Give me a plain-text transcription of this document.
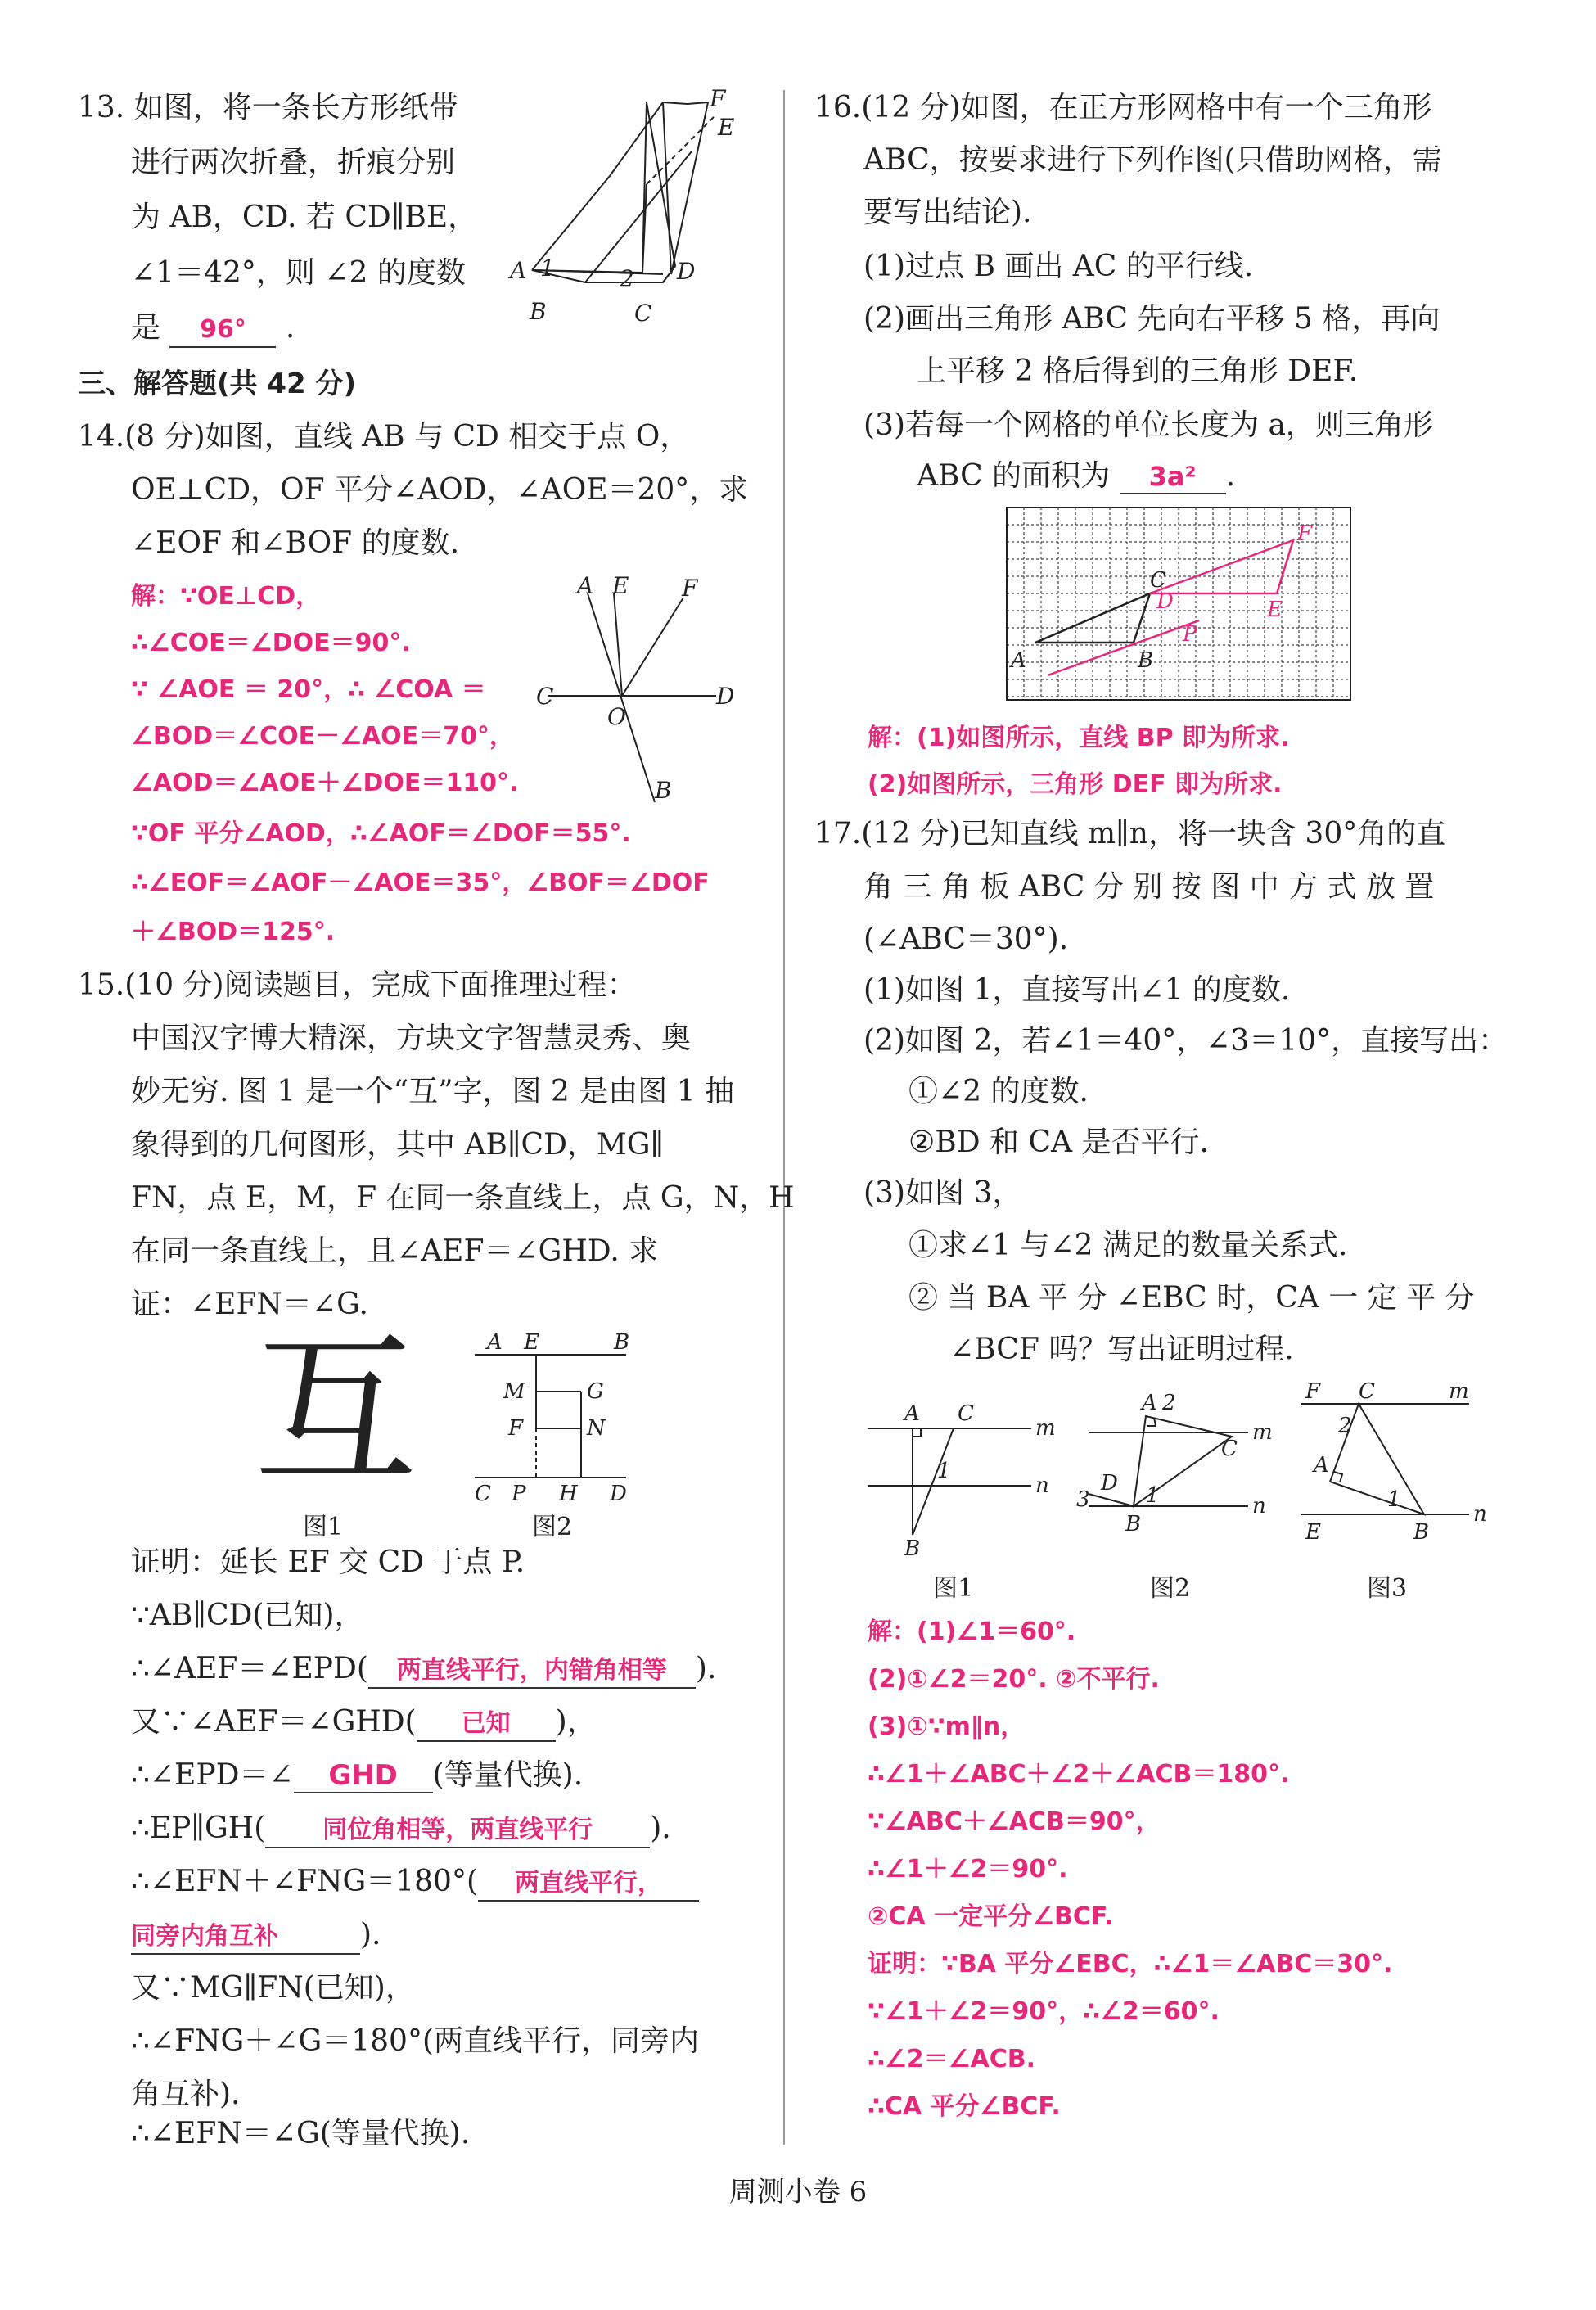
13. 如图，将一条长方形纸带
进行两次折叠，折痕分别
为 AB，CD. 若 CD∥BE，
∠1＝42°，则 ∠2 的度数
是 96° .
F
E
A 1	2 D
B	C
三、解答题(共 42 分)
14.(8 分)如图，直线 AB 与 CD 相交于点 O，
OE⊥CD，OF 平分∠AOD，∠AOE＝20°，求
∠EOF 和∠BOF 的度数.
解：∵OE⊥CD，
∴∠COE＝∠DOE＝90°.
∵ ∠AOE ＝ 20°，∴ ∠COA ＝
∠BOD＝∠COE－∠AOE＝70°，
∠AOD＝∠AOE＋∠DOE＝110°.
∵OF 平分∠AOD，∴∠AOF＝∠DOF＝55°.
∴∠EOF＝∠AOF－∠AOE＝35°，∠BOF＝∠DOF
＋∠BOD＝125°.
A E F
C	D
O
B
15.(10 分)阅读题目，完成下面推理过程：
中国汉字博大精深，方块文字智慧灵秀、奥
妙无穷. 图 1 是一个“互”字，图 2 是由图 1 抽
象得到的几何图形，其中 AB∥CD，MG∥
FN，点 E，M，F 在同一条直线上，点 G，N，H
在同一条直线上，且∠AEF＝∠GHD. 求
证：∠EFN＝∠G.
互
图1
A E	B
M	G
F	N
C P H D
图2
证明：延长 EF 交 CD 于点 P.
∵AB∥CD(已知)，
∴∠AEF＝∠EPD( 两直线平行，内错角相等 ).
又∵∠AEF＝∠GHD( 已知 )，
∴∠EPD＝∠ GHD (等量代换).
∴EP∥GH( 同位角相等，两直线平行 ).
∴∠EFN＋∠FNG＝180°( 两直线平行，
同旁内角互补	).
又∵MG∥FN(已知)，
∴∠FNG＋∠G＝180°(两直线平行，同旁内
角互补).
∴∠EFN＝∠G(等量代换).
16.(12 分)如图，在正方形网格中有一个三角形
ABC，按要求进行下列作图(只借助网格，需
要写出结论).
(1)过点 B 画出 AC 的平行线.
(2)画出三角形 ABC 先向右平移 5 格，再向
上平移 2 格后得到的三角形 DEF.
(3)若每一个网格的单位长度为 a，则三角形
ABC 的面积为 3a² .
A	B
C
D	E
F
P
解：(1)如图所示，直线 BP 即为所求.
(2)如图所示，三角形 DEF 即为所求.
17.(12 分)已知直线 m∥n，将一块含 30°角的直
角 三 角 板 ABC 分 别 按 图 中 方 式 放 置
(∠ABC＝30°).
(1)如图 1，直接写出∠1 的度数.
(2)如图 2，若∠1＝40°，∠3＝10°，直接写出：
①∠2 的度数.
②BD 和 CA 是否平行.
(3)如图 3，
①求∠1 与∠2 满足的数量关系式.
② 当 BA 平 分 ∠EBC 时，CA 一 定 平 分
∠BCF 吗？写出证明过程.
A C
m
n
1
B
图1
A 2
C
m
n
D
3	1
B
图2
F C	m
2
A
1
n
E	B
图3
解：(1)∠1＝60°.
(2)①∠2＝20°. ②不平行.
(3)①∵m∥n，
∴∠1＋∠ABC＋∠2＋∠ACB＝180°.
∵∠ABC＋∠ACB＝90°，
∴∠1＋∠2＝90°.
②CA 一定平分∠BCF.
证明：∵BA 平分∠EBC，∴∠1＝∠ABC＝30°.
∵∠1＋∠2＝90°，∴∠2＝60°.
∴∠2＝∠ACB.
∴CA 平分∠BCF.
周测小卷 6
